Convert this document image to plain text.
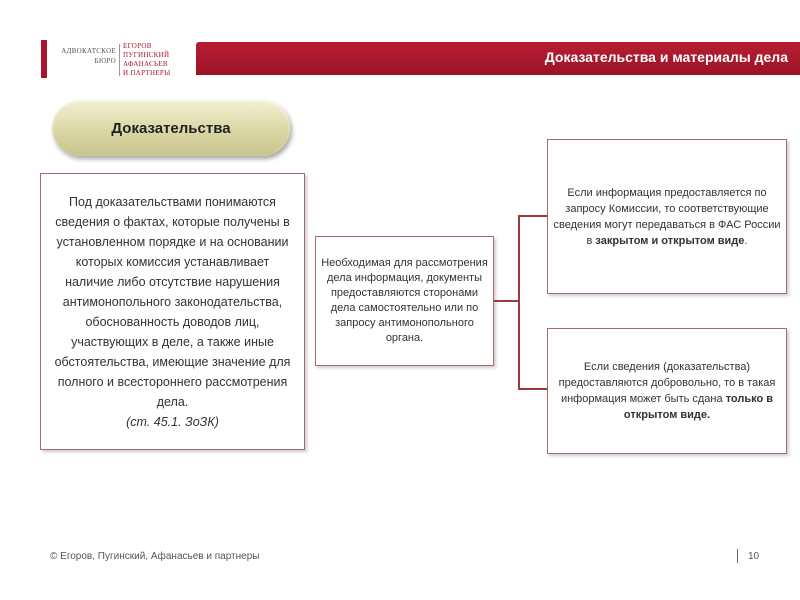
АДВОКАТСКОЕ
БЮРО
ЕГОРОВ
ПУГИНСКИЙ
АФАНАСЬЕВ
И ПАРТНЕРЫ
Доказательства и материалы дела
Доказательства
Под доказательствами понимаются сведения о фактах, которые получены в установленном порядке и на основании которых комиссия устанавливает наличие либо отсутствие нарушения антимонопольного законодательства, обоснованность доводов лиц, участвующих в деле, а также иные обстоятельства, имеющие значение для полного и всестороннего рассмотрения дела.
(ст. 45.1. ЗоЗК)
Необходимая для рассмотрения дела информация, документы предоставляются сторонами дела самостоятельно или по запросу антимонопольного органа.
Если информация предоставляется по запросу Комиссии, то соответствующие сведения могут передаваться в ФАС России в закрытом и открытом виде.
Если сведения (доказательства) предоставляются добровольно, то в такая информация может быть сдана только в открытом виде.
© Егоров, Пугинский, Афанасьев и партнеры	10
